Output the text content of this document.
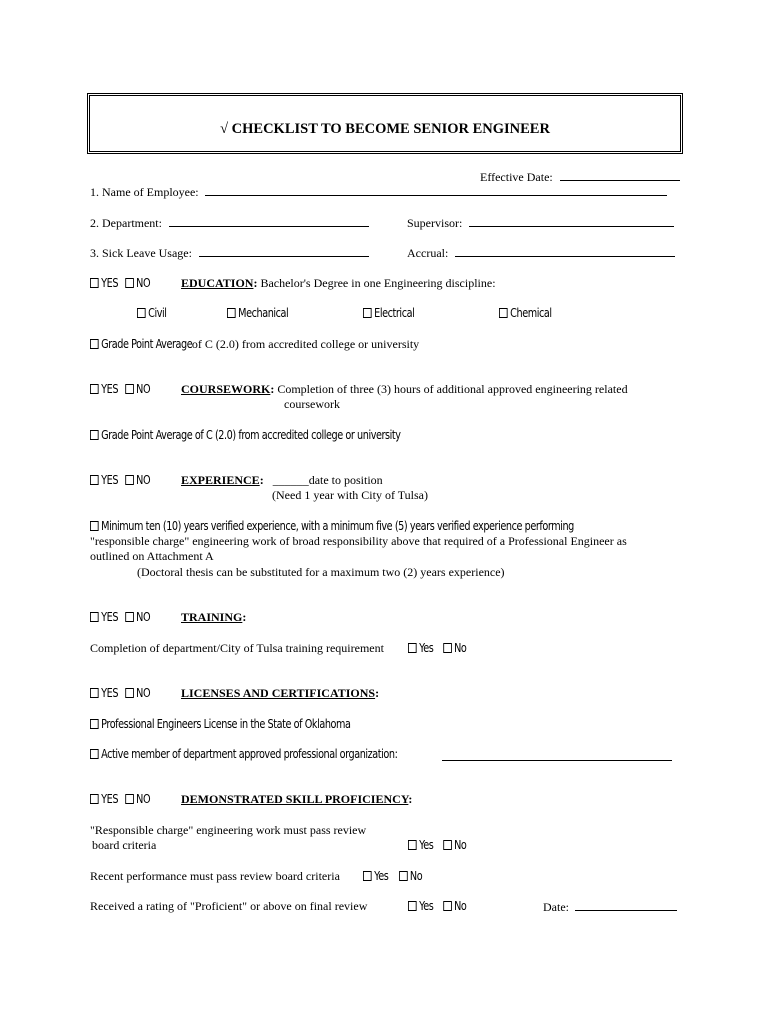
√ CHECKLIST TO BECOME SENIOR ENGINEER
Effective Date:
1. Name of Employee:
2. Department:	Supervisor:
3. Sick Leave Usage:	Accrual:
YES NO	EDUCATION: Bachelor's Degree in one Engineering discipline:
Civil	Mechanical	Electrical	Chemical
Grade Point Averageof C (2.0) from accredited college or university
YES NO	COURSEWORK: Completion of three (3) hours of additional approved engineering related
coursework
Grade Point Average of C (2.0) from accredited college or university
YES NO	EXPERIENCE: ______date to position
(Need 1 year with City of Tulsa)
Minimum ten (10) years verified experience, with a minimum five (5) years verified experience performing
"responsible charge" engineering work of broad responsibility above that required of a Professional Engineer as
outlined on Attachment A
(Doctoral thesis can be substituted for a maximum two (2) years experience)
YES NO	TRAINING:
Completion of department/City of Tulsa training requirement	Yes No
YES NO	LICENSES AND CERTIFICATIONS:
Professional Engineers License in the State of Oklahoma
Active member of department approved professional organization:
YES NO	DEMONSTRATED SKILL PROFICIENCY:
"Responsible charge" engineering work must pass review
board criteria	Yes No
Recent performance must pass review board criteria	Yes No
Received a rating of "Proficient" or above on final review	Yes No	Date:
